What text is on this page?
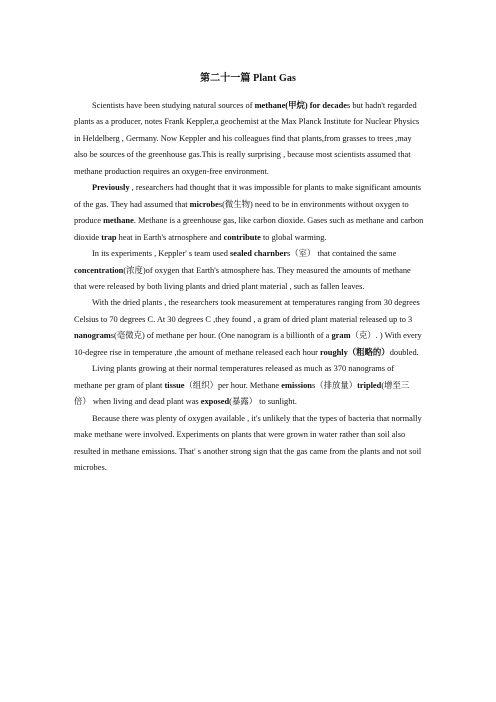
第二十一篇 Plant Gas

Scientists have been studying natural sources of methane(甲烷) for decades but hadn't regarded plants as a producer, notes Frank Keppler,a geochemist at the Max Planck Institute for Nuclear Physics in Heldelberg , Germany. Now Keppler and his colleagues find that plants,from grasses to trees ,may also be sources of the greenhouse gas.This is really surprising , because most scientists assumed that methane production requires an oxygen-free environment.

Previously , researchers had thought that it was impossible for plants to make significant amounts of the gas. They had assumed that microbes(微生物) need to be in environments without oxygen to produce methane. Methane is a greenhouse gas, like carbon dioxide. Gases such as methane and carbon dioxide trap heat in Earth's atrnosphere and contribute to global warming.

In its experiments , Keppler' s team used sealed charnbers（室） that contained the same concentration(浓度)of oxygen that Earth's atmosphere has. They measured the amounts of methane that were released by both living plants and dried plant material , such as fallen leaves.

With the dried plants , the researchers took measurement at temperatures ranging from 30 degrees Celsius to 70 degrees C. At 30 degrees C ,they found , a gram of dried plant material released up to 3 nanograms(毫微克) of methane per hour. (One nanogram is a billionth of a gram（克）. ) With every 10-degree rise in temperature ,the amount of methane released each hour roughly（粗略的）doubled.

Living plants growing at their normal temperatures released as much as 370 nanograms of methane per gram of plant tissue（组织）per hour. Methane emissions（排放量）tripled(增至三倍） when living and dead plant was exposed(暴露） to sunlight.

Because there was plenty of oxygen available , it's unlikely that the types of bacteria that normally make methane were involved. Experiments on plants that were grown in water rather than soil also resulted in methane emissions. That' s another strong sign that the gas came from the plants and not soil microbes.
